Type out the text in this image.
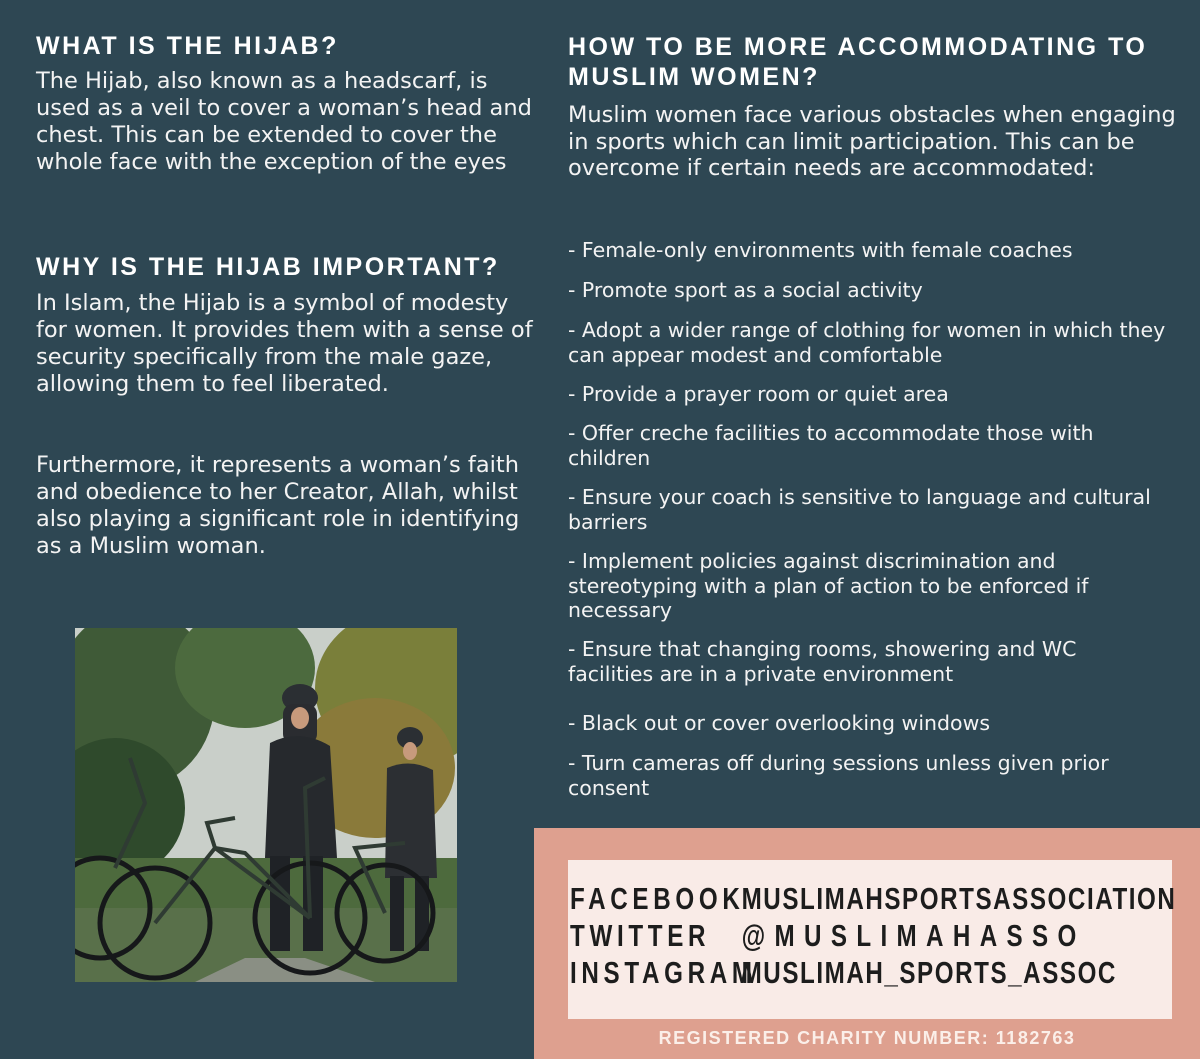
WHAT IS THE HIJAB?

The Hijab, also known as a headscarf, is used as a veil to cover a woman’s head and chest. This can be extended to cover the whole face with the exception of the eyes

WHY IS THE HIJAB IMPORTANT?

In Islam, the Hijab is a symbol of modesty for women. It provides them with a sense of security specifically from the male gaze, allowing them to feel liberated.

Furthermore, it represents a woman’s faith and obedience to her Creator, Allah, whilst also playing a significant role in identifying as a Muslim woman.

HOW TO BE MORE ACCOMMODATING TO MUSLIM WOMEN?

Muslim women face various obstacles when engaging in sports which can limit participation. This can be overcome if certain needs are accommodated:

- Female-only environments with female coaches
- Promote sport as a social activity
- Adopt a wider range of clothing for women in which they can appear modest and comfortable
- Provide a prayer room or quiet area
- Offer creche facilities to accommodate those with children
- Ensure your coach is sensitive to language and cultural barriers
- Implement policies against discrimination and stereotyping with a plan of action to be enforced if necessary
- Ensure that changing rooms, showering and WC facilities are in a private environment
- Black out or cover overlooking windows
- Turn cameras off during sessions unless given prior consent
FACEBOOKMUSLIMAHSPORTSASSOCIATION
TWITTER @MUSLIMAHASSO
INSTAGRAMMUSLIMAH_SPORTS_ASSOC
REGISTERED CHARITY NUMBER: 1182763
